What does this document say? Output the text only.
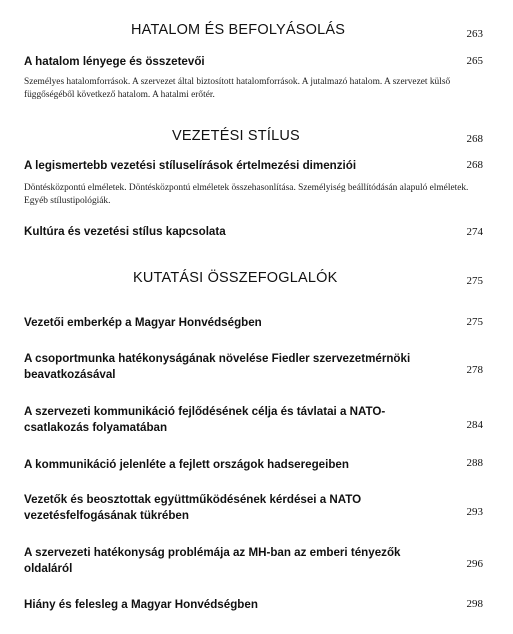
HATALOM ÉS BEFOLYÁSOLÁS	263
A hatalom lényege és összetevői	265
Személyes hatalomforrások. A szervezet által biztosított hatalomforrások. A jutalmazó hatalom. A szervezet külső függőségéből következő hatalom. A hatalmi erőtér.
VEZETÉSI STÍLUS	268
A legismertebb vezetési stíluselírások értelmezési dimenziói	268
Döntésközpontú elméletek. Döntésközpontú elméletek összehasonlítása. Személyiség beállítódásán alapuló elméletek. Egyéb stílustipológiák.
Kultúra és vezetési stílus kapcsolata	274
KUTATÁSI ÖSSZEFOGLALÓK	275
Vezetői emberkép a Magyar Honvédségben	275
A csoportmunka hatékonyságának növelése Fiedler szervezetmérnöki beavatkozásával	278
A szervezeti kommunikáció fejlődésének célja és távlatai a NATO-csatlakozás folyamatában	284
A kommunikáció jelenléte a fejlett országok hadseregeiben	288
Vezetők és beosztottak együttműködésének kérdései a NATO vezetésfelfogásának tükrében	293
A szervezeti hatékonyság problémája az MH-ban az emberi tényezők oldaláról	296
Hiány és felesleg a Magyar Honvédségben	298
